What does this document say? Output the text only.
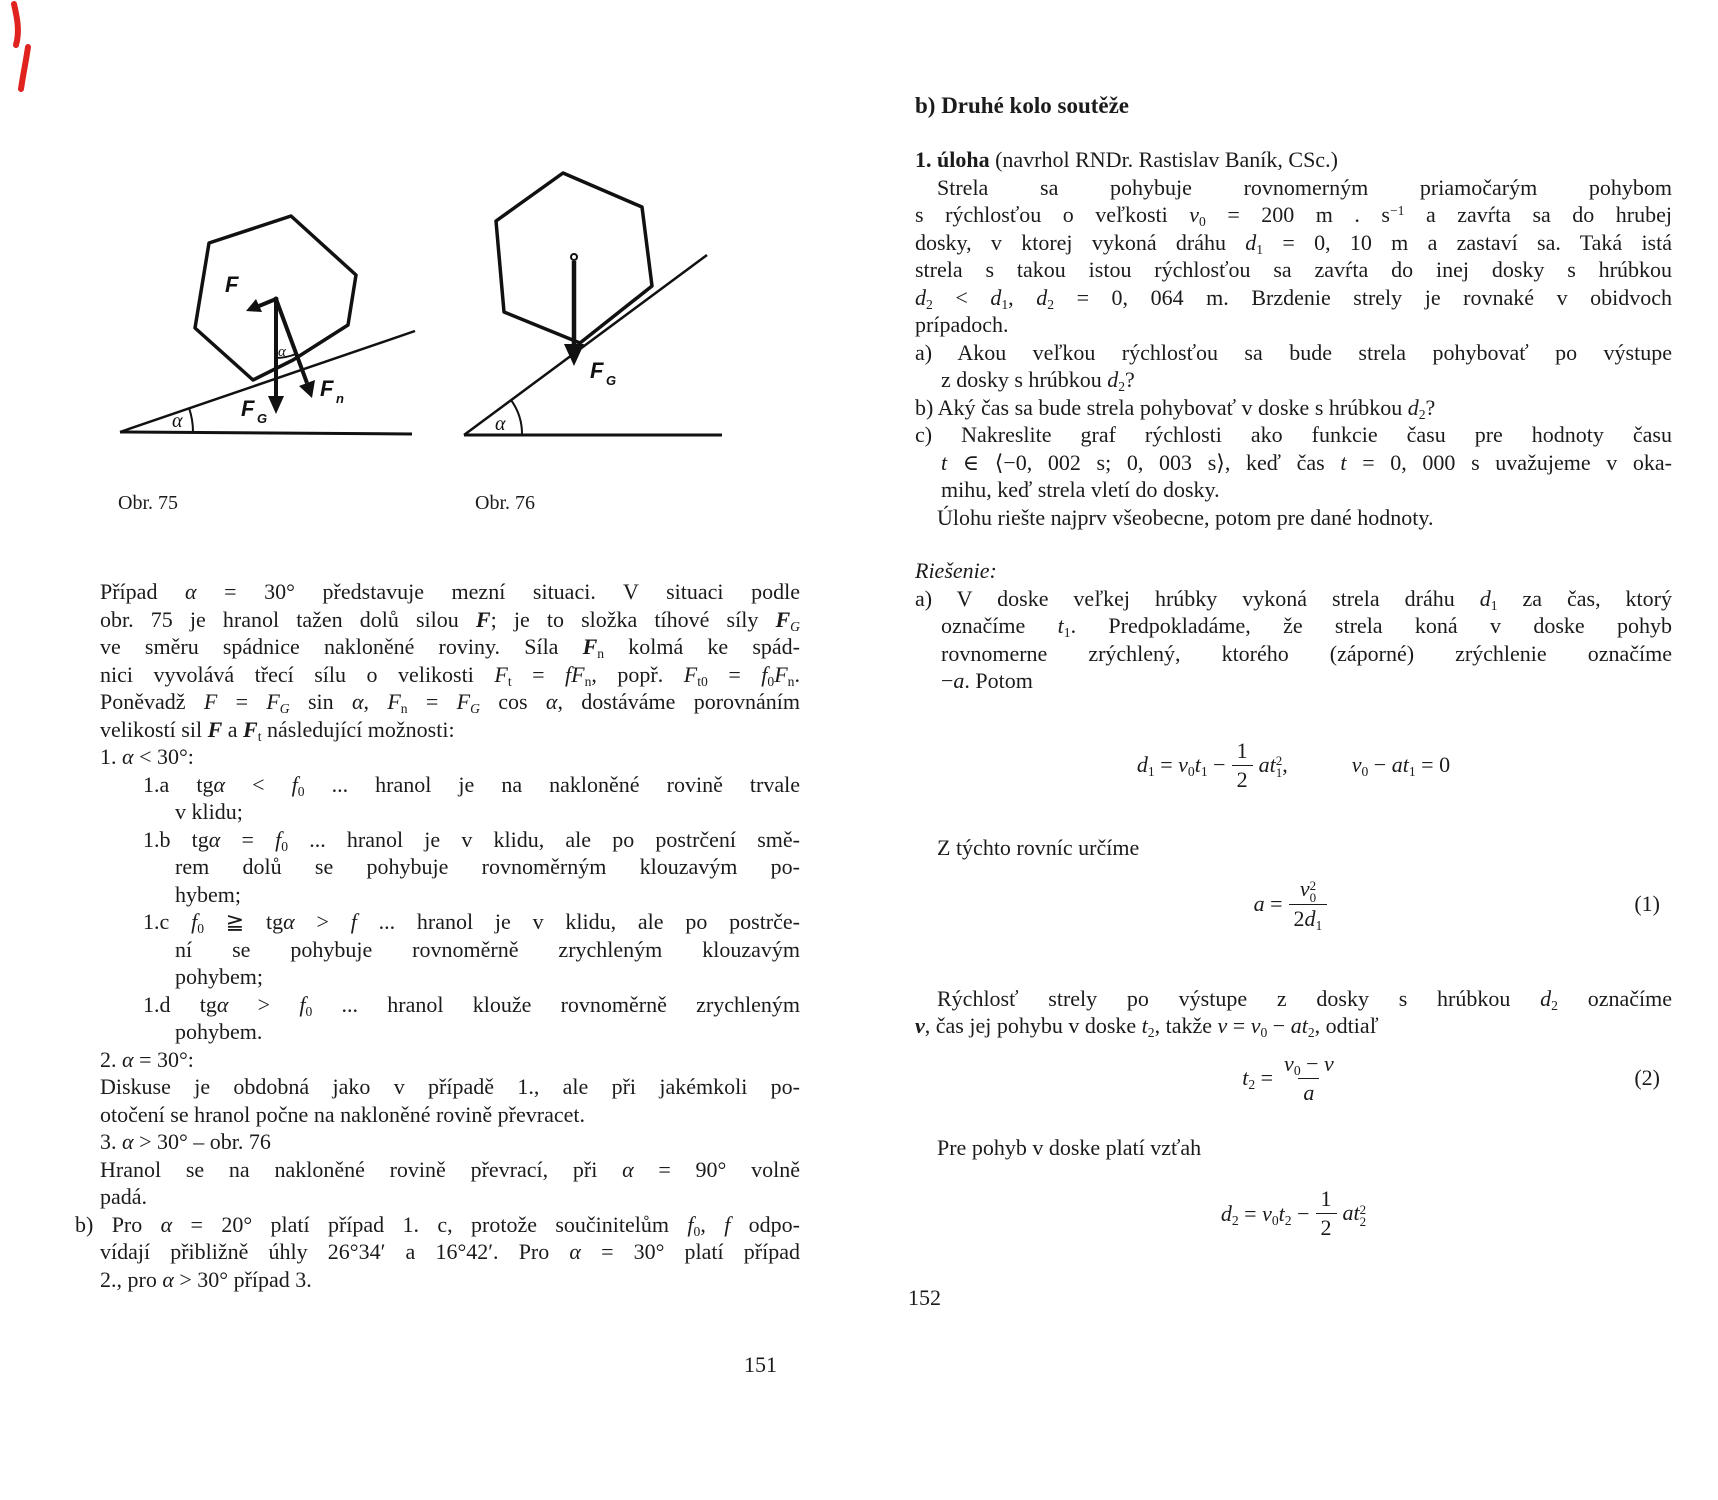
F
F G
F n
α
α
F G
α
Obr. 75	Obr. 76
Případ α = 30° představuje mezní situaci. V situaci podle
obr. 75 je hranol tažen dolů silou F; je to složka tíhové síly $F_G$
ve směru spádnice nakloněné roviny. Síla $F_n$ kolmá ke spád-
nici vyvolává třecí sílu o velikosti $F_t = fF_n$, popř. $F_{t0} = f_0F_n$.
Poněvadž $F = F_G$ sin α, $F_n = F_G$ cos α, dostáváme porovnáním
velikostí sil F a $F_t$ následující možnosti:
1. α < 30°:
1.a $tg\alpha < f_0$ ... hranol je na nakloněné rovině trvale
v klidu;
1.b $tg\alpha = f_0$ ... hranol je v klidu, ale po postrčení smě-
rem dolů se pohybuje rovnoměrným klouzavým po-
hybem;
1.c $f_0$ ≧ tgα > f ... hranol je v klidu, ale po postrče-
ní se pohybuje rovnoměrně zrychleným klouzavým
pohybem;
1.d $tg\alpha > f_0$ ... hranol klouže rovnoměrně zrychleným
pohybem.
2. α = 30°:
Diskuse je obdobná jako v případě 1., ale při jakémkoli po-
otočení se hranol počne na nakloněné rovině převracet.
3. α > 30° – obr. 76
Hranol se na nakloněné rovině převrací, při α = 90° volně
padá.
b) Pro α = 20° platí případ 1. c, protože součinitelům $f_0$, f odpo-
vídají přibližně úhly 26°34′ a 16°42′. Pro α = 30° platí případ
2., pro α > 30° případ 3.
151
b) Druhé kolo soutěže
1. úloha (navrhol RNDr. Rastislav Baník, CSc.)
Strela sa pohybuje rovnomerným priamočarým pohybom
s rýchlosťou o veľkosti $v_0 = 200$ m . $s^{-1}$ a zavŕta sa do hrubej
dosky, v ktorej vykoná dráhu $d_1 = 0$, 10 m a zastaví sa. Taká istá
strela s takou istou rýchlosťou sa zavŕta do inej dosky s hrúbkou
$d_2 < d_1$, $d_2 = 0$, 064 m. Brzdenie strely je rovnaké v obidvoch
prípadoch.
a) Akou veľkou rýchlosťou sa bude strela pohybovať po výstupe
z dosky s hrúbkou $d_2$?
b) Aký čas sa bude strela pohybovať v doske s hrúbkou $d_2$?
c) Nakreslite graf rýchlosti ako funkcie času pre hodnoty času
t ∈ ⟨−0, 002 s; 0, 003 s⟩, keď čas t = 0, 000 s uvažujeme v oka-
mihu, keď strela vletí do dosky.
Úlohu riešte najprv všeobecne, potom pre dané hodnoty.
Riešenie:
a) V doske veľkej hrúbky vykoná strela dráhu $d_1$ za čas, ktorý
označíme $t_1$. Predpokladáme, že strela koná v doske pohyb
rovnomerne zrýchlený, ktorého (záporné) zrýchlenie označíme
−a. Potom
$d_1 = v_0t_1 - \frac{1}{2}$ at 2
1 ,	$v_0 - at_1 = 0$
Z týchto rovníc určíme
a = v 2
0
$2d_1$	(1)
Rýchlosť strely po výstupe z dosky s hrúbkou $d_2$ označíme
v, čas jej pohybu v doske $t_2$, takže $v = v_0 - at_2$, odtiaľ
$t_2 = \frac{v_0 - v}{a}$	(2)
Pre pohyb v doske platí vzťah
$d_2 = v_0t_2 - \frac{1}{2}$ at 2
2
152
